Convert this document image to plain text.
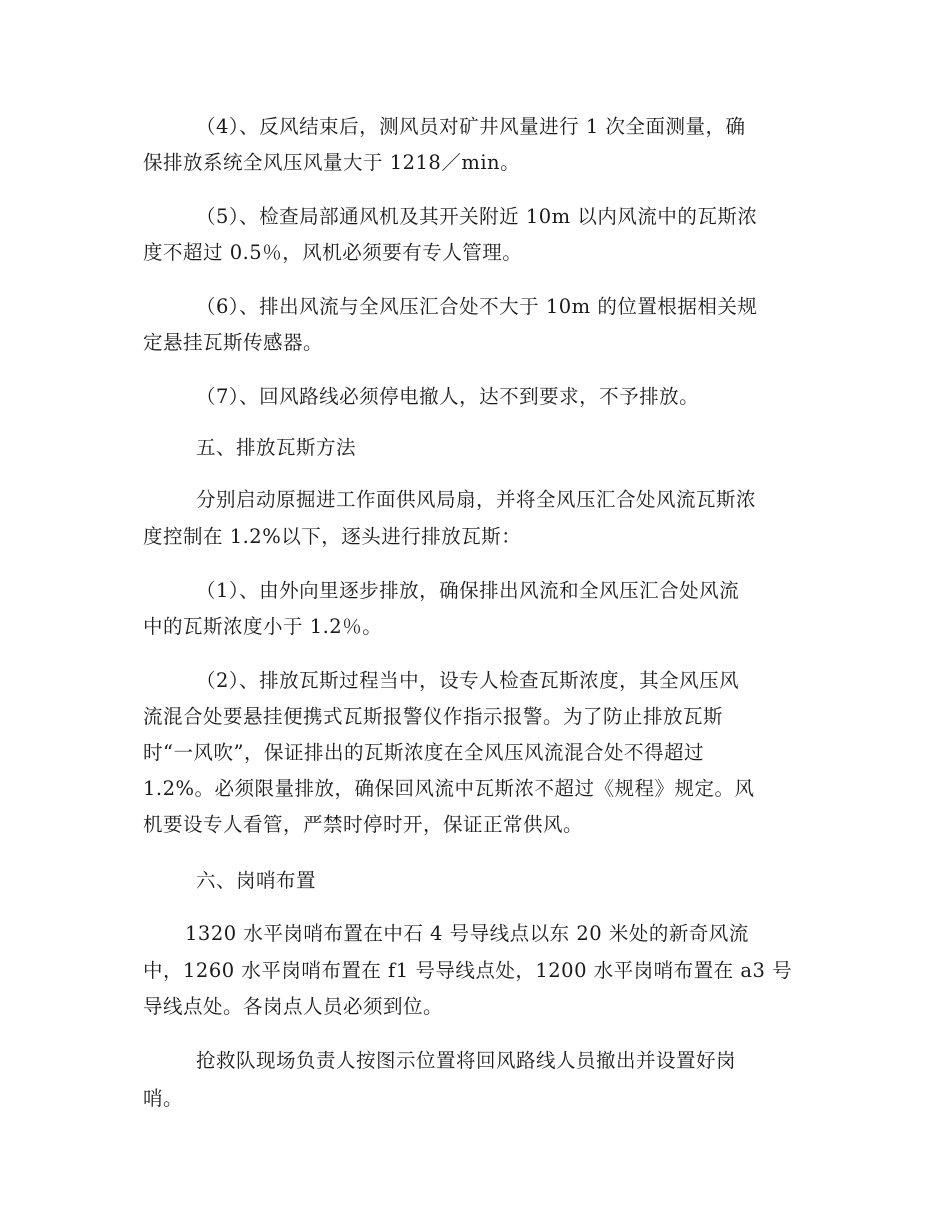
（4）、反风结束后，测风员对矿井风量进行 1 次全面测量，确
保排放系统全风压风量大于 1218／min。
（5）、检查局部通风机及其开关附近 10m 以内风流中的瓦斯浓
度不超过 0.5％，风机必须要有专人管理。
（6）、排出风流与全风压汇合处不大于 10m 的位置根据相关规
定悬挂瓦斯传感器。
（7）、回风路线必须停电撤人，达不到要求，不予排放。
五、排放瓦斯方法
分别启动原掘进工作面供风局扇，并将全风压汇合处风流瓦斯浓
度控制在 1.2%以下，逐头进行排放瓦斯：
（1）、由外向里逐步排放，确保排出风流和全风压汇合处风流
中的瓦斯浓度小于 1.2％。
（2）、排放瓦斯过程当中，设专人检查瓦斯浓度，其全风压风
流混合处要悬挂便携式瓦斯报警仪作指示报警。为了防止排放瓦斯
时“一风吹”，保证排出的瓦斯浓度在全风压风流混合处不得超过
1.2%。必须限量排放，确保回风流中瓦斯浓不超过《规程》规定。风
机要设专人看管，严禁时停时开，保证正常供风。
六、岗哨布置
1320 水平岗哨布置在中石 4 号导线点以东 20 米处的新奇风流
中，1260 水平岗哨布置在 f1 号导线点处，1200 水平岗哨布置在 a3 号
导线点处。各岗点人员必须到位。
抢救队现场负责人按图示位置将回风路线人员撤出并设置好岗
哨。
